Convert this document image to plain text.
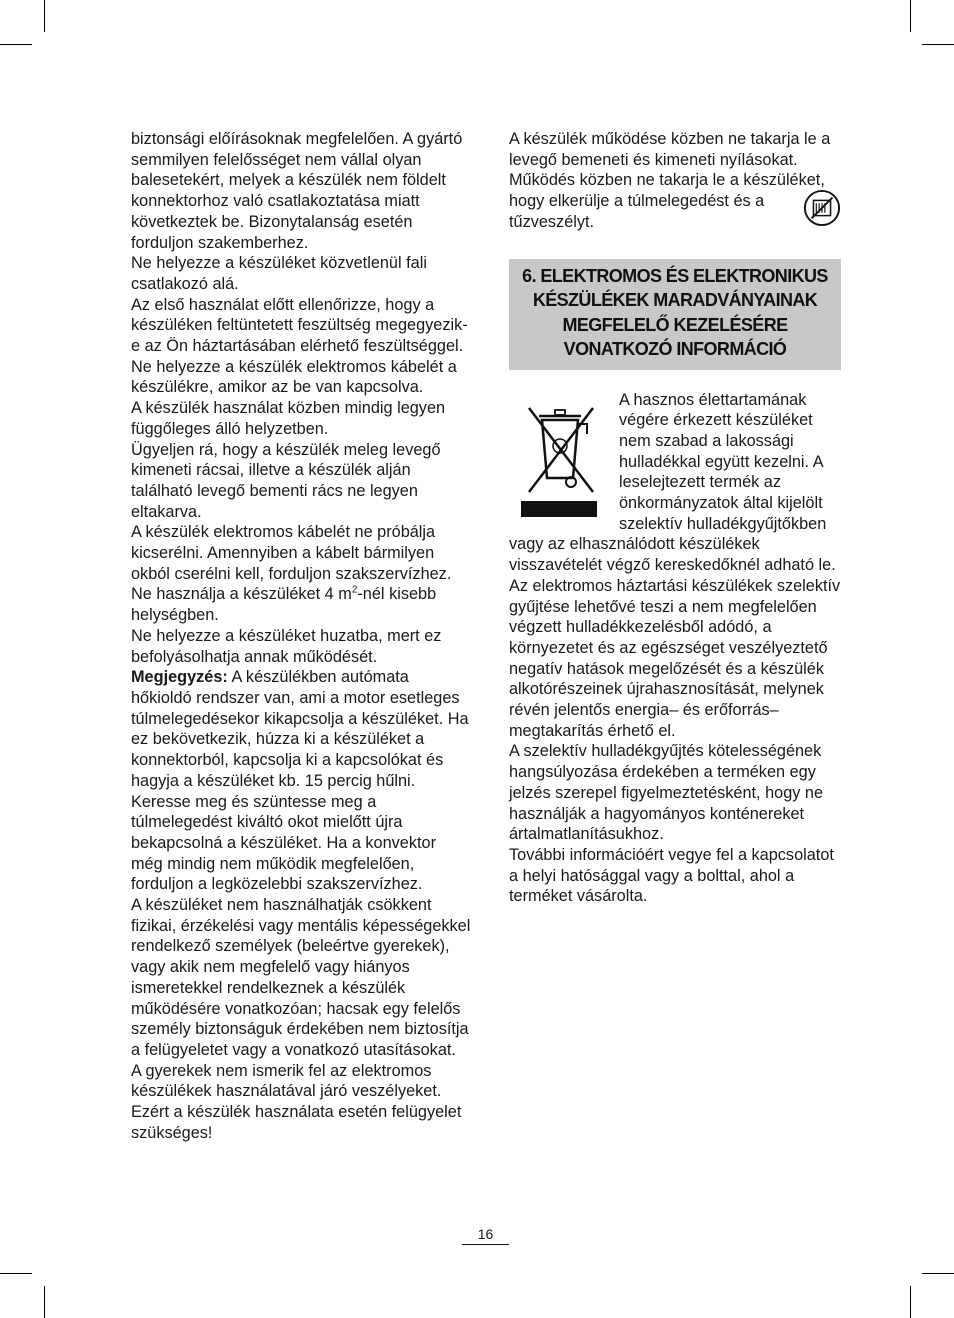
biztonsági előírásoknak megfelelően. A gyártó semmilyen felelősséget nem vállal olyan balesetekért, melyek a készülék nem földelt konnektorhoz való csatlakoztatása miatt következtek be. Bizonytalanság esetén forduljon szakemberhez.

Ne helyezze a készüléket közvetlenül fali csatlakozó alá.

Az első használat előtt ellenőrizze, hogy a készüléken feltüntetett feszültség megegyezik-e az Ön háztartásában elérhető feszültséggel.

Ne helyezze a készülék elektromos kábelét a készülékre, amikor az be van kapcsolva.

A készülék használat közben mindig legyen függőleges álló helyzetben.

Ügyeljen rá, hogy a készülék meleg levegő kimeneti rácsai, illetve a készülék alján található levegő bementi rács ne legyen eltakarva.

A készülék elektromos kábelét ne próbálja kicserélni. Amennyiben a kábelt bármilyen okból cserélni kell, forduljon szakszervízhez.

Ne használja a készüléket 4 $m^2$-nél kisebb helységben.

Ne helyezze a készüléket huzatba, mert ez befolyásolhatja annak működését.

Megjegyzés: A készülékben autómata hőkioldó rendszer van, ami a motor esetleges túlmelegedésekor kikapcsolja a készüléket. Ha ez bekövetkezik, húzza ki a készüléket a konnektorból, kapcsolja ki a kapcsolókat és hagyja a készüléket kb. 15 percig hűlni.

Keresse meg és szüntesse meg a túlmelegedést kiváltó okot mielőtt újra bekapcsolná a készüléket. Ha a konvektor még mindig nem működik megfelelően, forduljon a legközelebbi szakszervízhez.

A készüléket nem használhatják csökkent fizikai, érzékelési vagy mentális képességekkel rendelkező személyek (beleértve gyerekek), vagy akik nem megfelelő vagy hiányos ismeretekkel rendelkeznek a készülék működésére vonatkozóan; hacsak egy felelős személy biztonságuk érdekében nem biztosítja a felügyeletet vagy a vonatkozó utasításokat.

A gyerekek nem ismerik fel az elektromos készülékek használatával járó veszélyeket. Ezért a készülék használata esetén felügyelet szükséges!

A készülék működése közben ne takarja le a levegő bemeneti és kimeneti nyílásokat. Működés közben ne takarja le a készüléket, hogy elkerülje a túlmelegedést és a tűzveszélyt.

6. ELEKTROMOS ÉS ELEKTRONIKUS KÉSZÜLÉKEK MARADVÁNYAINAK MEGFELELŐ KEZELÉSÉRE VONATKOZÓ INFORMÁCIÓ

A hasznos élettartamának végére érkezett készüléket nem szabad a lakossági hulladékkal együtt kezelni. A leselejtezett termék az önkormányzatok által kijelölt szelektív hulladékgyűjtőkben vagy az elhasználódott készülékek visszavételét végző kereskedőknél adható le. Az elektromos háztartási készülékek szelektív gyűjtése lehetővé teszi a nem megfelelően végzett hulladékkezelésből adódó, a környezetet és az egészséget veszélyeztető negatív hatások megelőzését és a készülék alkotórészeinek újrahasznosítását, melynek révén jelentős energia– és erőforrás– megtakarítás érhető el.

A szelektív hulladékgyűjtés kötelességének hangsúlyozása érdekében a terméken egy jelzés szerepel figyelmeztetésként, hogy ne használják a hagyományos konténereket ártalmatlanításukhoz.

További információért vegye fel a kapcsolatot a helyi hatósággal vagy a bolttal, ahol a terméket vásárolta.

16
